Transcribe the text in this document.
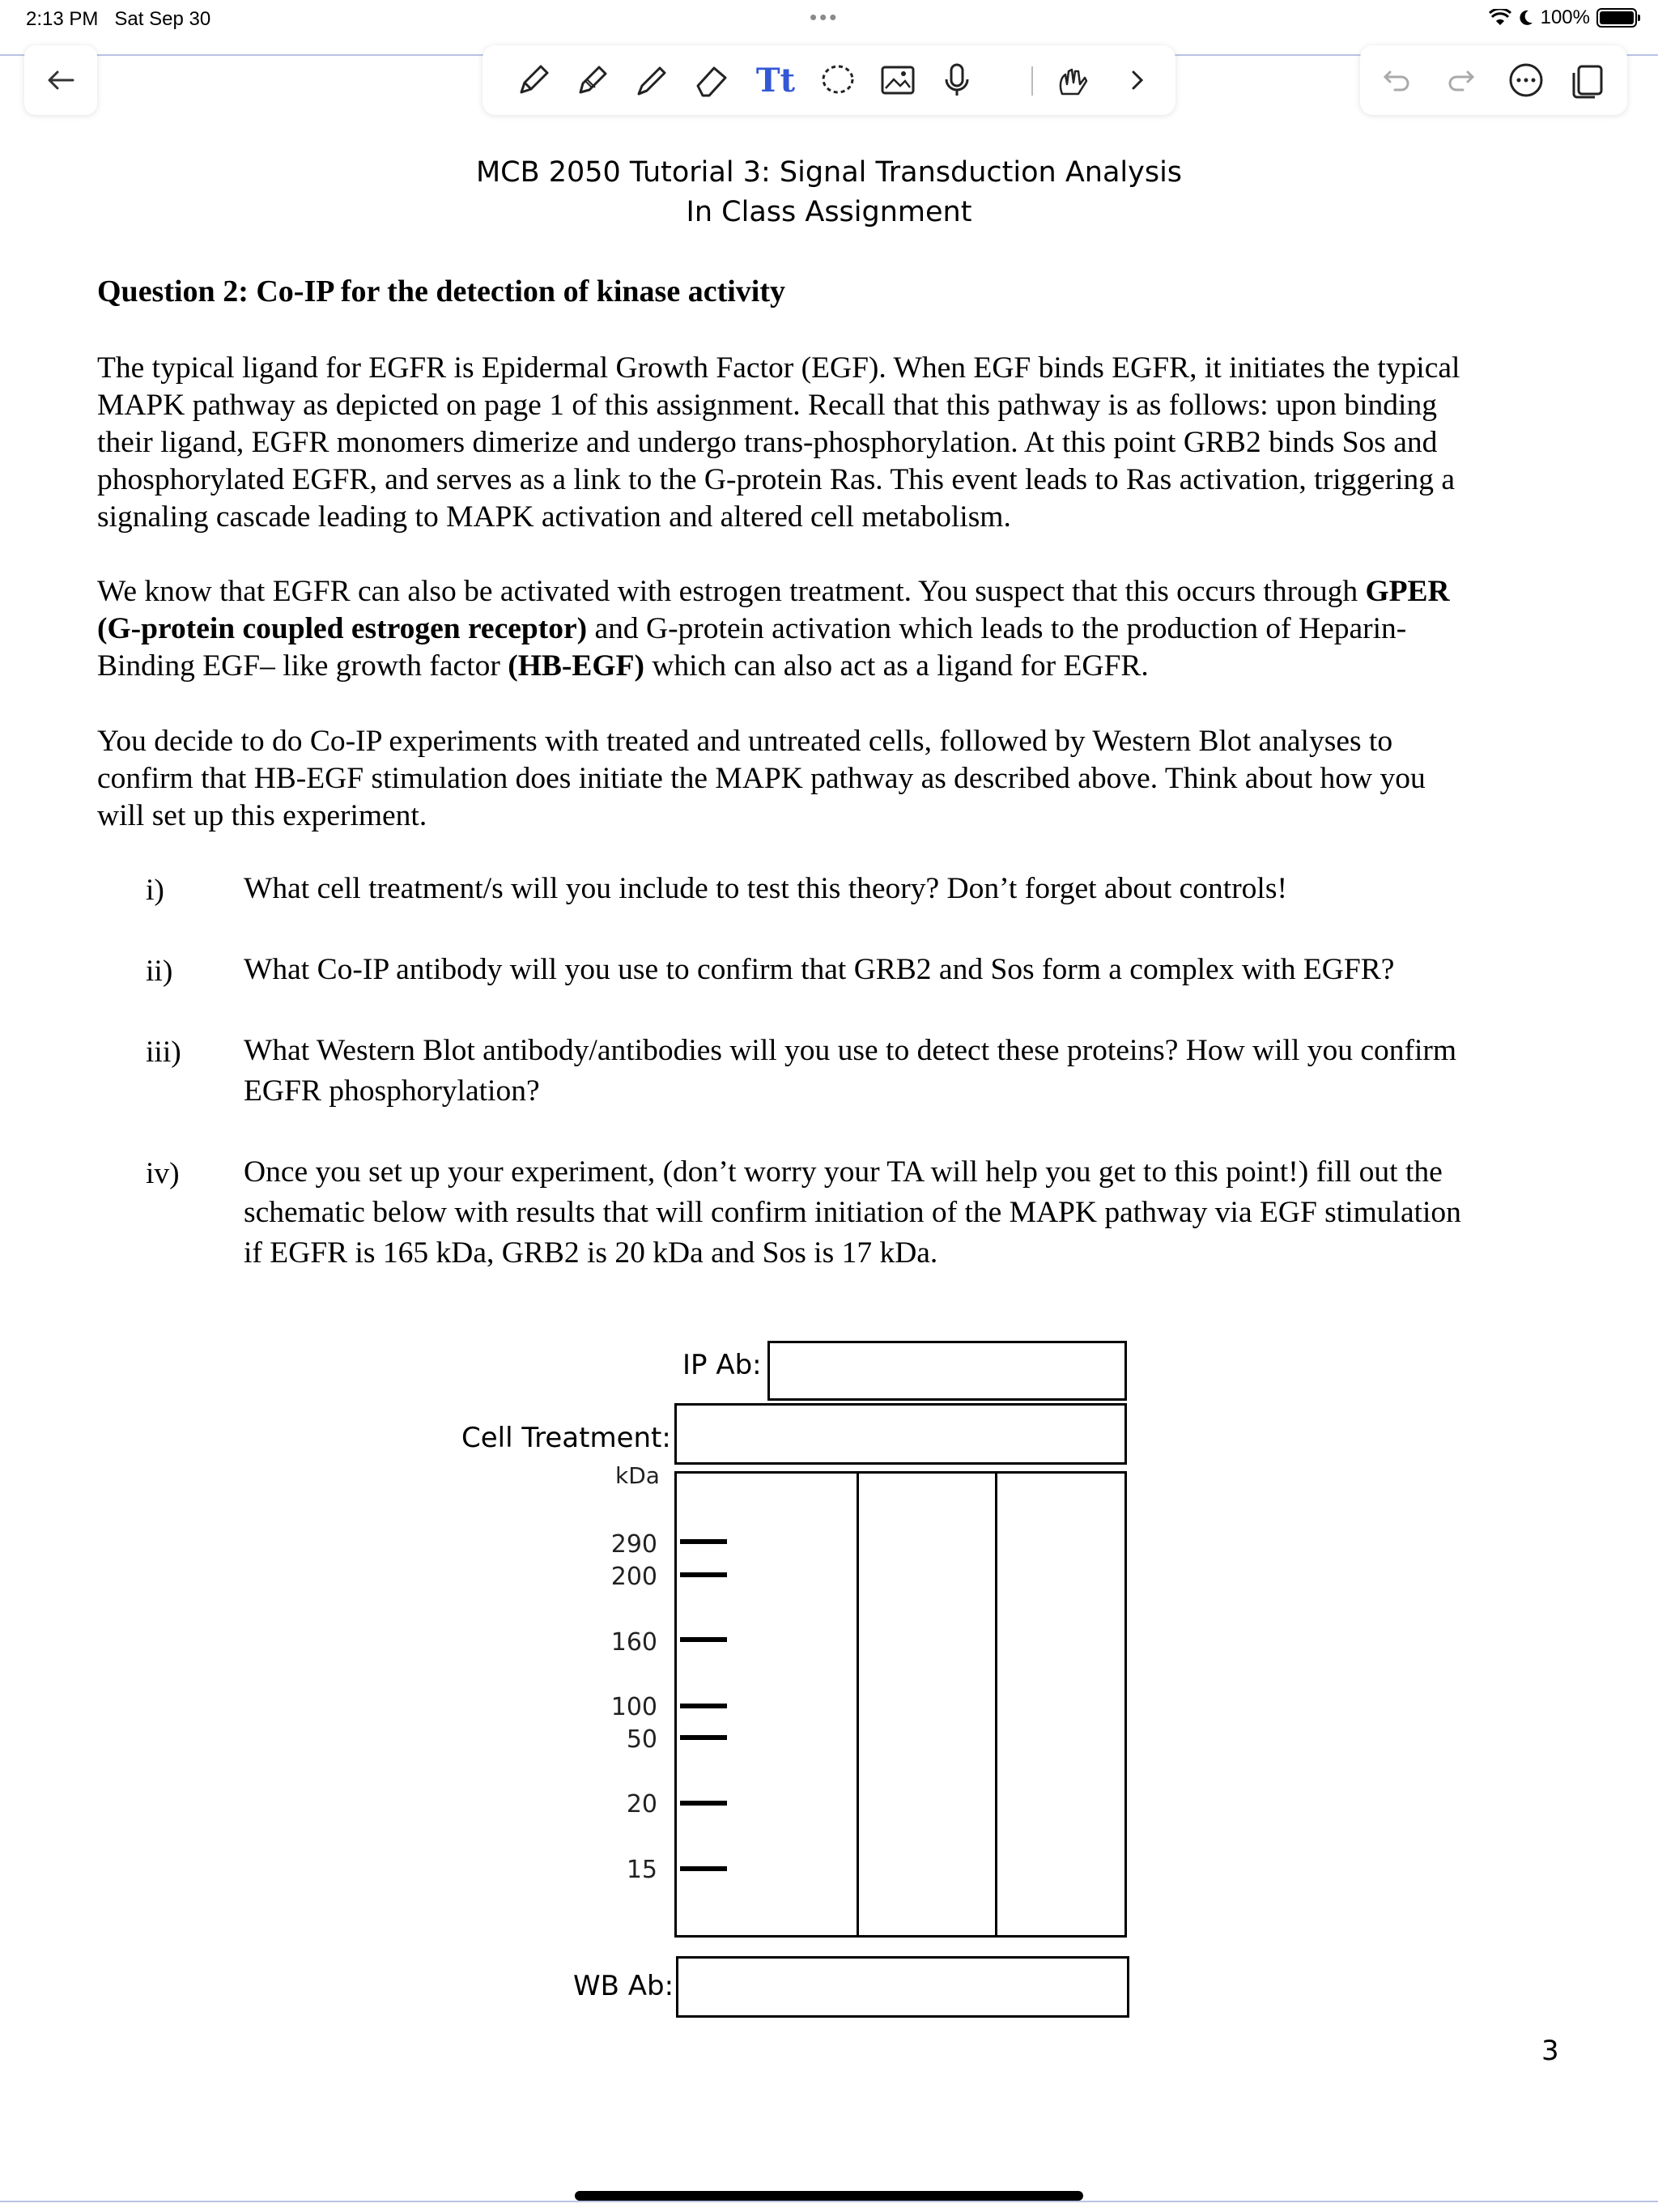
2:13 PM Sat Sep 30	•••	100%
Tt
MCB 2050 Tutorial 3: Signal Transduction Analysis
In Class Assignment
Question 2: Co-IP for the detection of kinase activity
The typical ligand for EGFR is Epidermal Growth Factor (EGF). When EGF binds EGFR, it initiates the typical
MAPK pathway as depicted on page 1 of this assignment. Recall that this pathway is as follows: upon binding
their ligand, EGFR monomers dimerize and undergo trans-phosphorylation. At this point GRB2 binds Sos and
phosphorylated EGFR, and serves as a link to the G-protein Ras. This event leads to Ras activation, triggering a
signaling cascade leading to MAPK activation and altered cell metabolism.
We know that EGFR can also be activated with estrogen treatment. You suspect that this occurs through GPER
(G-protein coupled estrogen receptor) and G-protein activation which leads to the production of Heparin-
Binding EGF– like growth factor (HB-EGF) which can also act as a ligand for EGFR.
You decide to do Co-IP experiments with treated and untreated cells, followed by Western Blot analyses to
confirm that HB-EGF stimulation does initiate the MAPK pathway as described above. Think about how you
will set up this experiment.
i)	What cell treatment/s will you include to test this theory? Don’t forget about controls!
ii) What Co-IP antibody will you use to confirm that GRB2 and Sos form a complex with EGFR?
iii) What Western Blot antibody/antibodies will you use to detect these proteins? How will you confirm
EGFR phosphorylation?
iv) Once you set up your experiment, (don’t worry your TA will help you get to this point!) fill out the
schematic below with results that will confirm initiation of the MAPK pathway via EGF stimulation
if EGFR is 165 kDa, GRB2 is 20 kDa and Sos is 17 kDa.
IP Ab:
Cell Treatment:
kDa
290
200
160
100
50
20
15
WB Ab:
3
